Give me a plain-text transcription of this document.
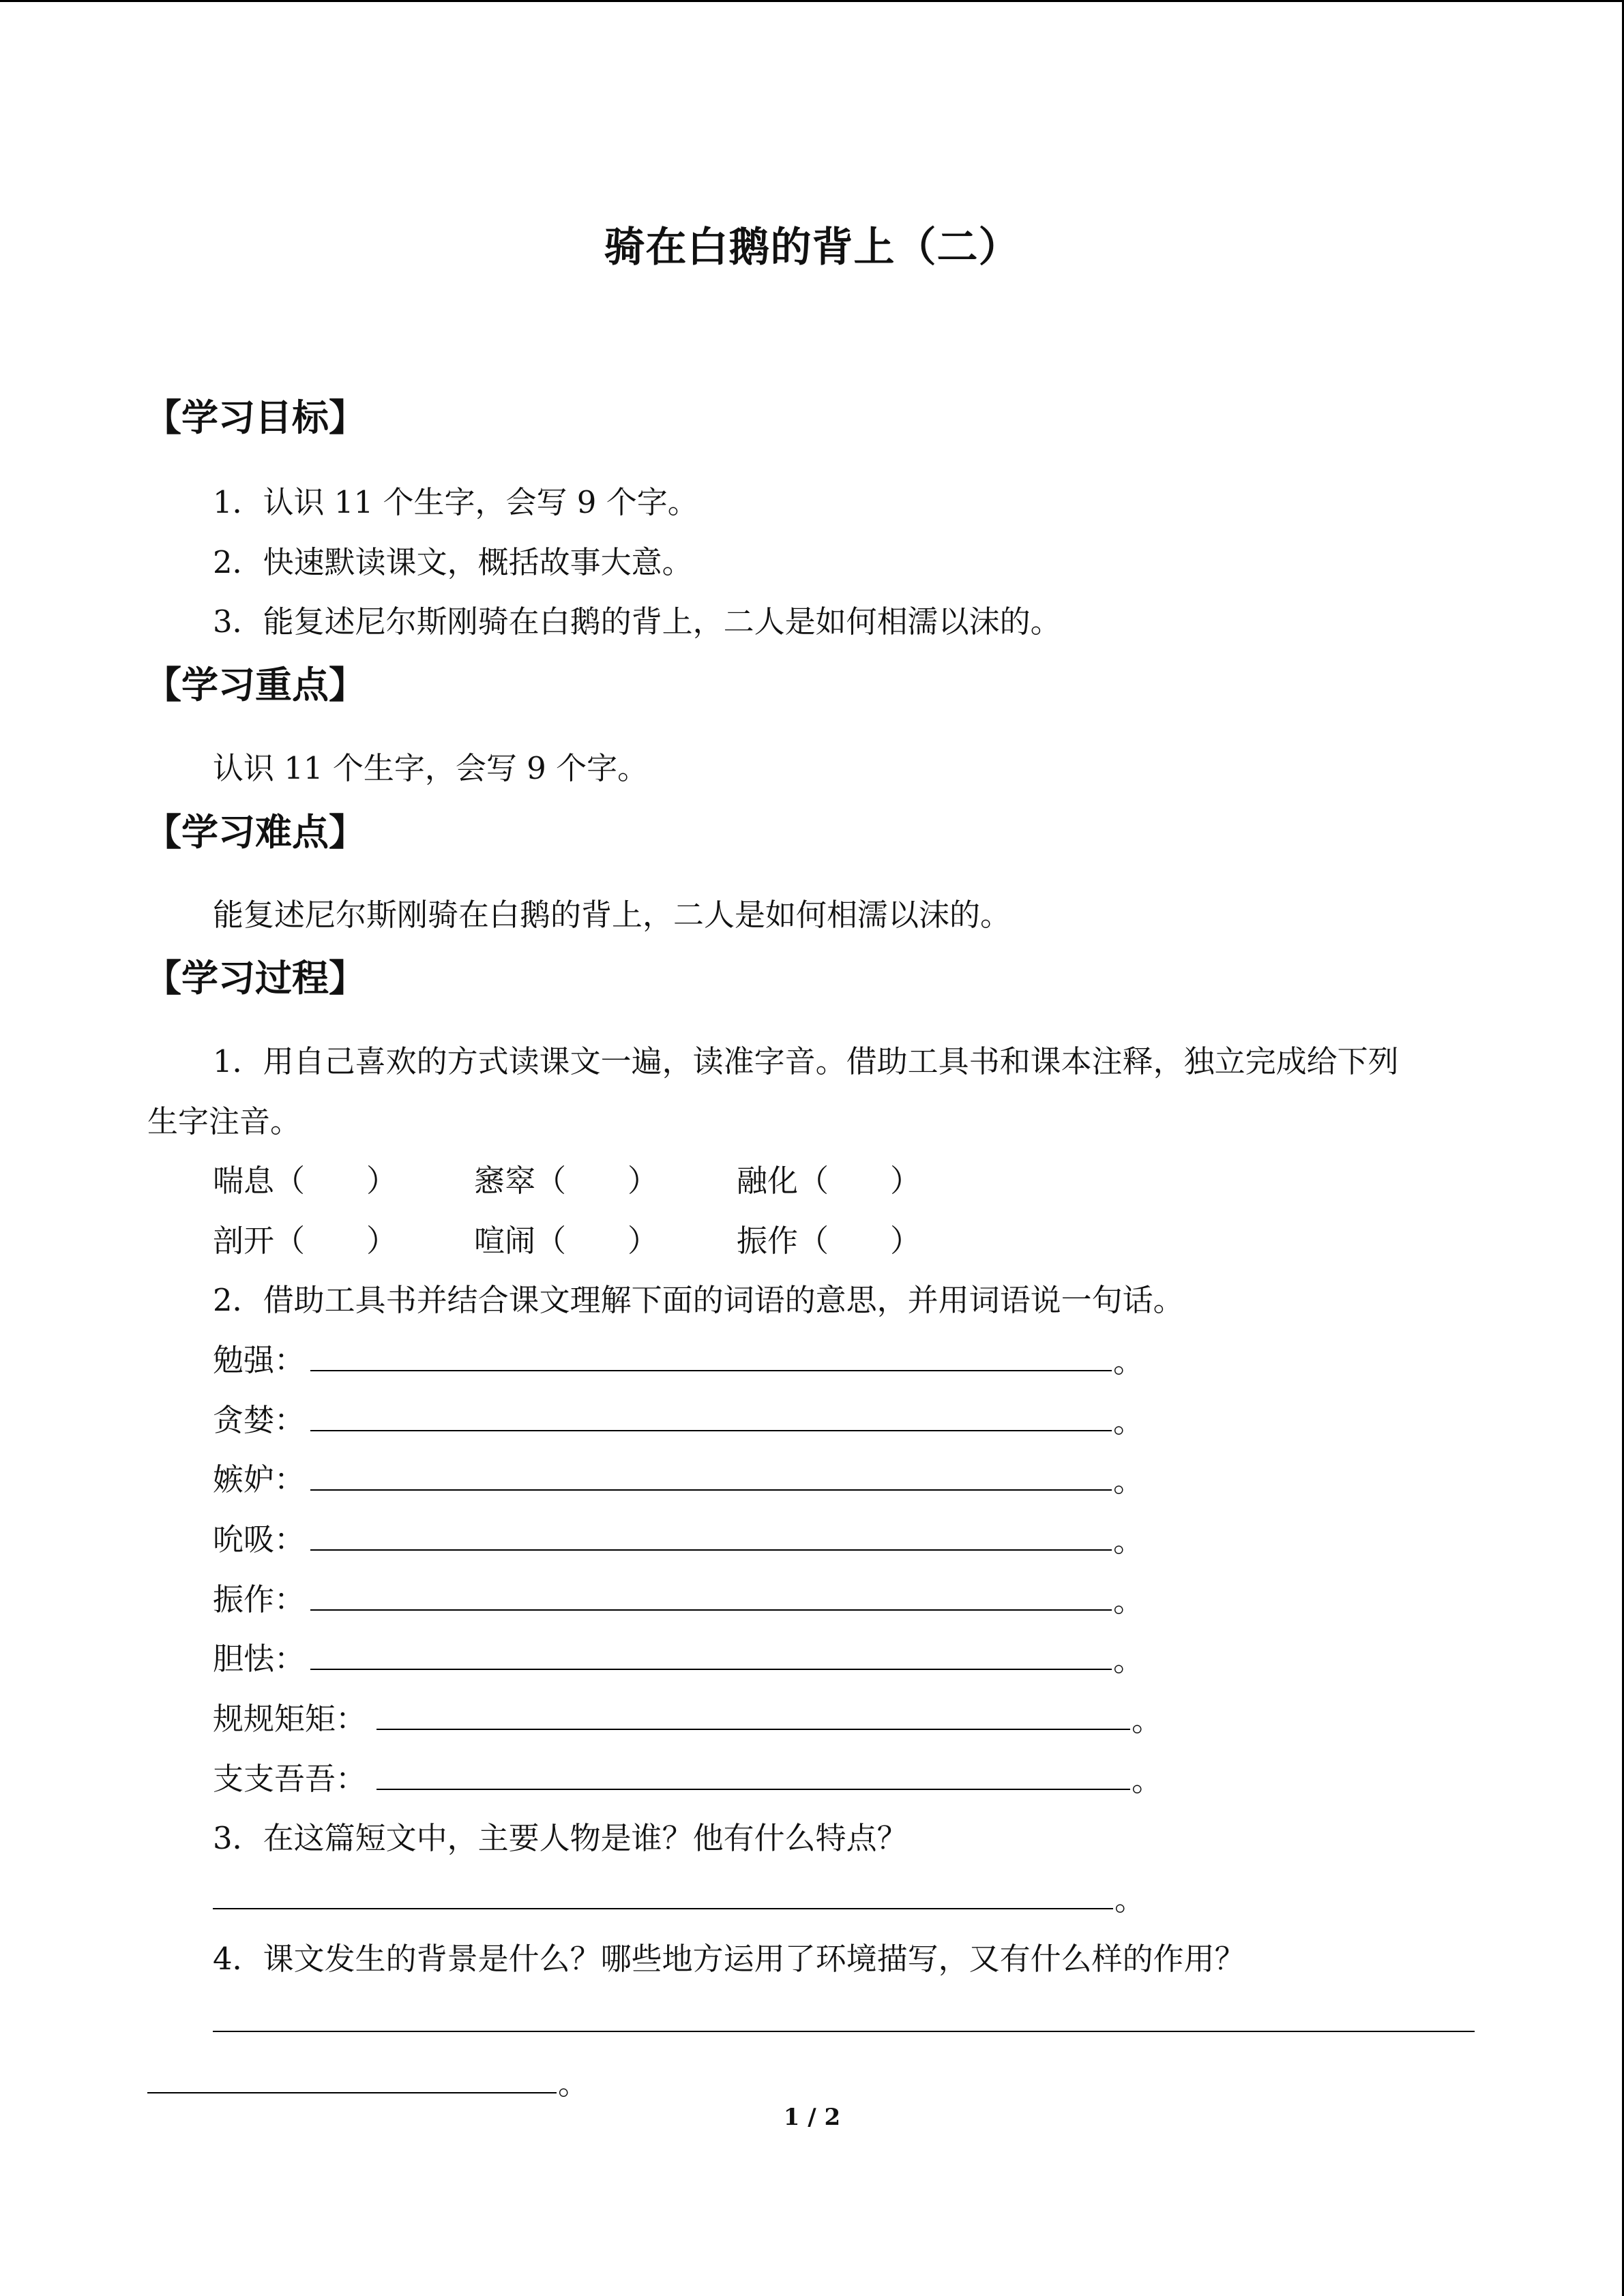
骑在白鹅的背上（二）
【学习目标】
1．认识 11 个生字，会写 9 个字。
2．快速默读课文，概括故事大意。
3．能复述尼尔斯刚骑在白鹅的背上，二人是如何相濡以沫的。
【学习重点】
认识 11 个生字，会写 9 个字。
【学习难点】
能复述尼尔斯刚骑在白鹅的背上，二人是如何相濡以沫的。
【学习过程】
1．用自己喜欢的方式读课文一遍，读准字音。借助工具书和课本注释，独立完成给下列
生字注音。
喘息（　　）	窸窣（　　）	融化（　　）
剖开（　　）	喧闹（　　）	振作（　　）
2．借助工具书并结合课文理解下面的词语的意思，并用词语说一句话。
勉强：	。
贪婪：	。
嫉妒：	。
吮吸：	。
振作：	。
胆怯：	。
规规矩矩：	。
支支吾吾：	。
3．在这篇短文中，主要人物是谁？他有什么特点？
。
4．课文发生的背景是什么？哪些地方运用了环境描写，又有什么样的作用？
。
1 / 2
